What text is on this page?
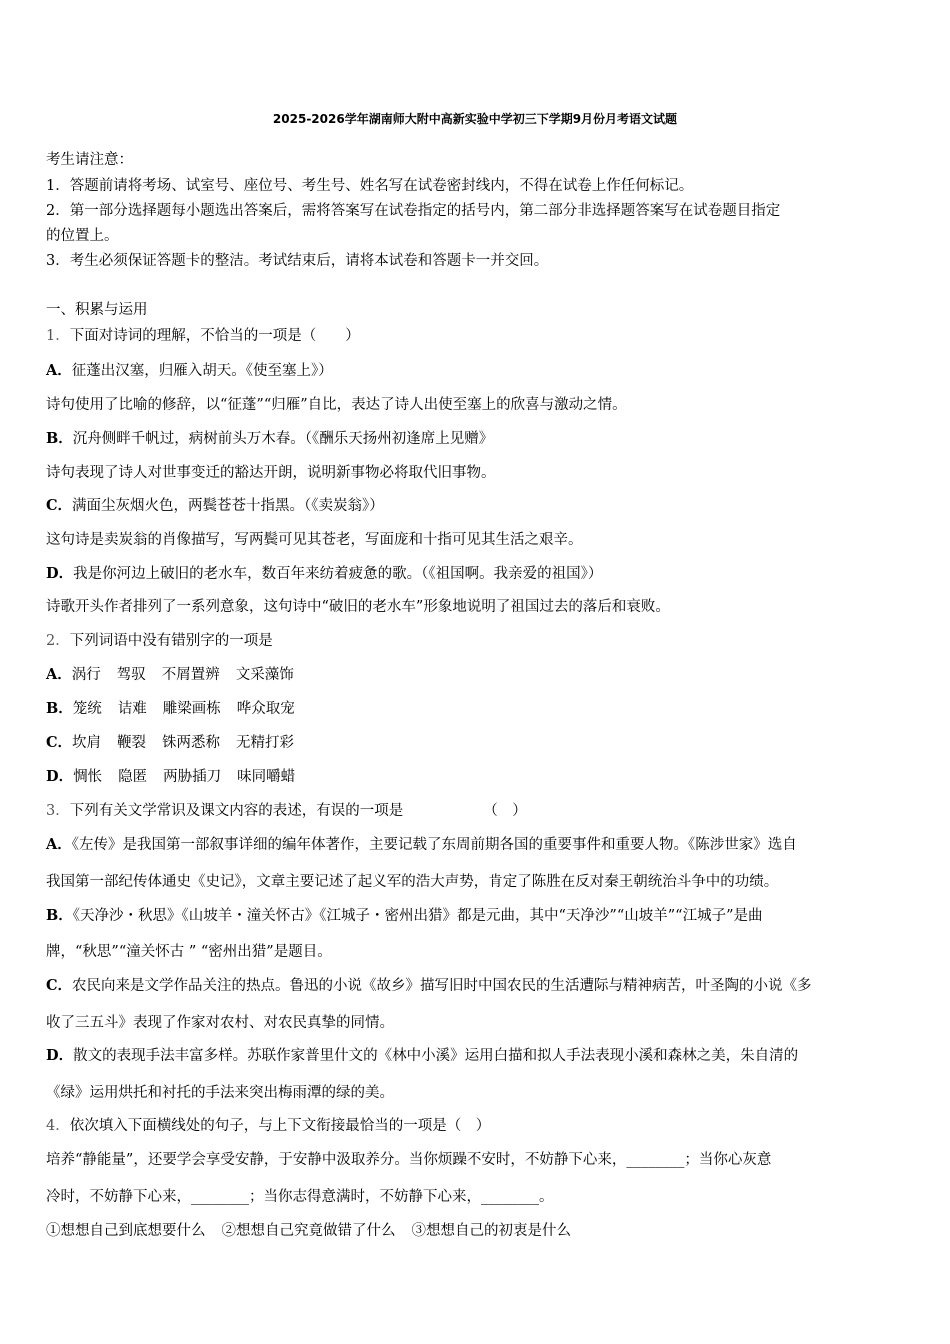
2025-2026学年湖南师大附中高新实验中学初三下学期9月份月考语文试题
考生请注意：
1．答题前请将考场、试室号、座位号、考生号、姓名写在试卷密封线内，不得在试卷上作任何标记。
2．第一部分选择题每小题选出答案后，需将答案写在试卷指定的括号内，第二部分非选择题答案写在试卷题目指定
的位置上。
3．考生必须保证答题卡的整洁。考试结束后，请将本试卷和答题卡一并交回。
一、积累与运用
1．下面对诗词的理解，不恰当的一项是（　　）
A．征蓬出汉塞，归雁入胡天。《使至塞上》）
诗句使用了比喻的修辞，以“征蓬”“归雁”自比，表达了诗人出使至塞上的欣喜与激动之情。
B．沉舟侧畔千帆过，病树前头万木春。（《酬乐天扬州初逢席上见赠》
诗句表现了诗人对世事变迁的豁达开朗，说明新事物必将取代旧事物。
C．满面尘灰烟火色，两鬓苍苍十指黑。（《卖炭翁》）
这句诗是卖炭翁的肖像描写，写两鬓可见其苍老，写面庞和十指可见其生活之艰辛。
D．我是你河边上破旧的老水车，数百年来纺着疲惫的歌。（《祖国啊。我亲爱的祖国》）
诗歌开头作者排列了一系列意象，这句诗中“破旧的老水车”形象地说明了祖国过去的落后和衰败。
2．下列词语中没有错别字的一项是
A．涡行 驾驭 不屑置辨 文采藻饰
B．笼统 诘难 雕梁画栋 哗众取宠
C．坎肩 鞭裂 铢两悉称 无精打彩
D．惆怅 隐匿 两胁插刀 味同嚼蜡
3．下列有关文学常识及课文内容的表述，有误的一项是	（　）
A．《左传》是我国第一部叙事详细的编年体著作，主要记载了东周前期各国的重要事件和重要人物。《陈涉世家》选自
我国第一部纪传体通史《史记》，文章主要记述了起义军的浩大声势，肯定了陈胜在反对秦王朝统治斗争中的功绩。
B．《天净沙・秋思》《山坡羊・潼关怀古》《江城子・密州出猎》都是元曲，其中“天净沙”“山坡羊”“江城子”是曲
牌，“秋思”“潼关怀古 ” “密州出猎”是题目。
C．农民向来是文学作品关注的热点。鲁迅的小说《故乡》描写旧时中国农民的生活遭际与精神病苦，叶圣陶的小说《多
收了三五斗》表现了作家对农村、对农民真挚的同情。
D．散文的表现手法丰富多样。苏联作家普里什文的《林中小溪》运用白描和拟人手法表现小溪和森林之美，朱自清的
《绿》运用烘托和衬托的手法来突出梅雨潭的绿的美。
4．依次填入下面横线处的句子，与上下文衔接最恰当的一项是（　）
培养“静能量”，还要学会享受安静，于安静中汲取养分。当你烦躁不安时，不妨静下心来，________；当你心灰意
冷时，不妨静下心来，________；当你志得意满时，不妨静下心来，________。
①想想自己到底想要什么 ②想想自己究竟做错了什么 ③想想自己的初衷是什么
